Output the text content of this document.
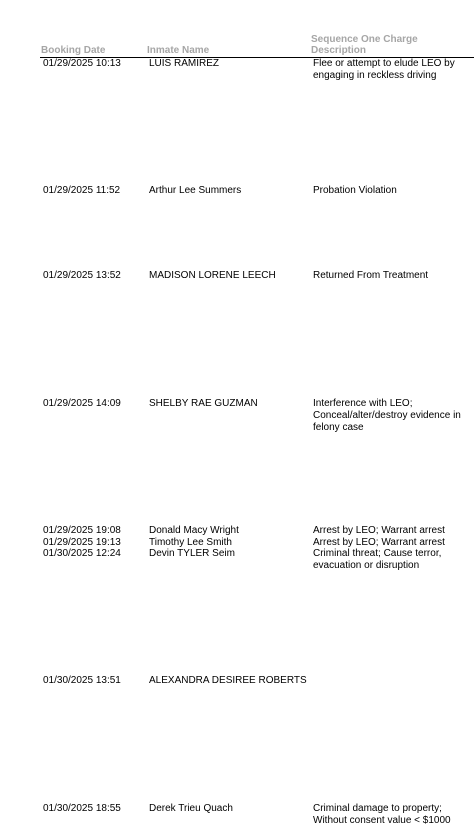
Booking Date	Inmate Name
Sequence One Charge
Description
01/29/2025 10:13	LUIS RAMIREZ	Flee or attempt to elude LEO by engaging in reckless driving
01/29/2025 11:52	Arthur Lee Summers	Probation Violation
01/29/2025 13:52	MADISON LORENE LEECH	Returned From Treatment
01/29/2025 14:09	SHELBY RAE GUZMAN	Interference with LEO; Conceal/alter/destroy evidence in felony case
01/29/2025 19:08	Donald Macy Wright	Arrest by LEO; Warrant arrest
01/29/2025 19:13	Timothy Lee Smith	Arrest by LEO; Warrant arrest
01/30/2025 12:24	Devin TYLER Seim	Criminal threat; Cause terror, evacuation or disruption
01/30/2025 13:51	ALEXANDRA DESIREE ROBERTS
01/30/2025 18:55	Derek Trieu Quach	Criminal damage to property; Without consent value < $1000
